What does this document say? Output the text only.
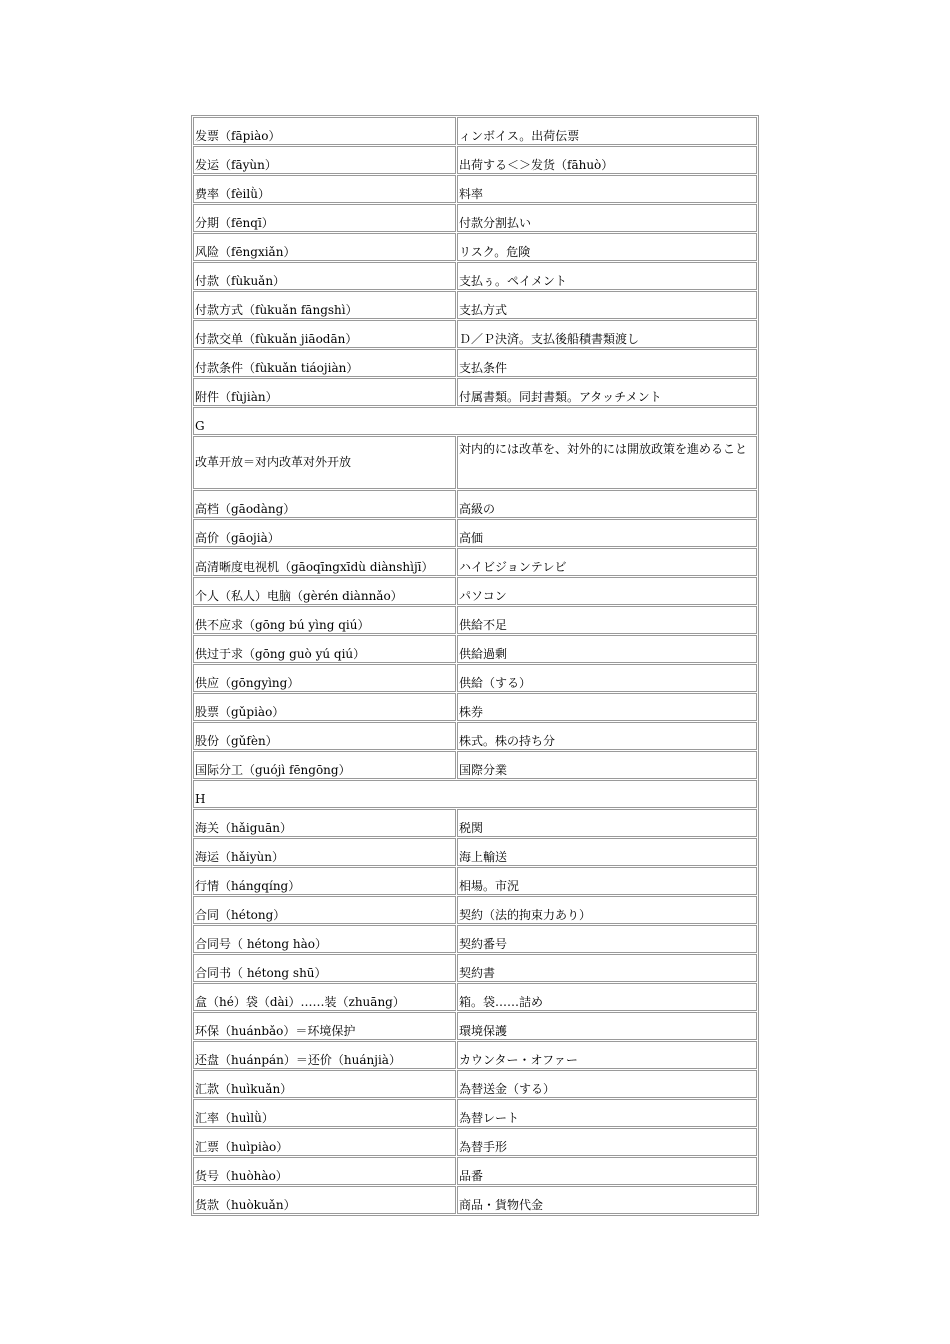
发票（fāpiào）	ィンボイス。出荷伝票
发运（fāyùn）	出荷する＜＞发货（fāhuò）
费率（fèilǜ）	料率
分期（fēnqī）	付款分割払い
风险（fēngxiǎn）	リスク。危険
付款（fùkuǎn）	支払ぅ。ペイメント
付款方式（fùkuǎn fāngshì）	支払方式
付款交单（fùkuǎn jiāodān）	Ｄ／Ｐ決済。支払後船積書類渡し
付款条件（fùkuǎn tiáojiàn）	支払条件
附件（fùjiàn）	付属書類。同封書類。アタッチメント
G	
改革开放＝对内改革对外开放	対内的には改革を、対外的には開放政策を進めること
高档（gāodàng）	高級の
高价（gāojià）	高価
高清晰度电视机（gāoqīngxīdù diànshìjī）	ハイビジョンテレビ
个人（私人）电脑（gèrén diànnǎo）	パソコン
供不应求（gōng bú yìng qiú）	供給不足
供过于求（gōng guò yú qiú）	供給過剰
供应（gōngyìng）	供給（する）
股票（gǔpiào）	株券
股份（gǔfèn）	株式。株の持ち分
国际分工（guójì fēngōng）	国際分業
H	
海关（hǎiguān）	税関
海运（hǎiyùn）	海上輸送
行情（hángqíng）	相場。市況
合同（hétong）	契約（法的拘束力あり）
合同号（ hétong hào）	契約番号
合同书（ hétong shū）	契約書
盒（hé）袋（dài）……装（zhuāng）	箱。袋……詰め
环保（huánbǎo）＝环境保护	環境保護
还盘（huánpán）＝还价（huánjià）	カウンター・オファー
汇款（huìkuǎn）	為替送金（する）
汇率（huìlǜ）	為替レート
汇票（huìpiào）	為替手形
货号（huòhào）	品番
货款（huòkuǎn）	商品・貨物代金
